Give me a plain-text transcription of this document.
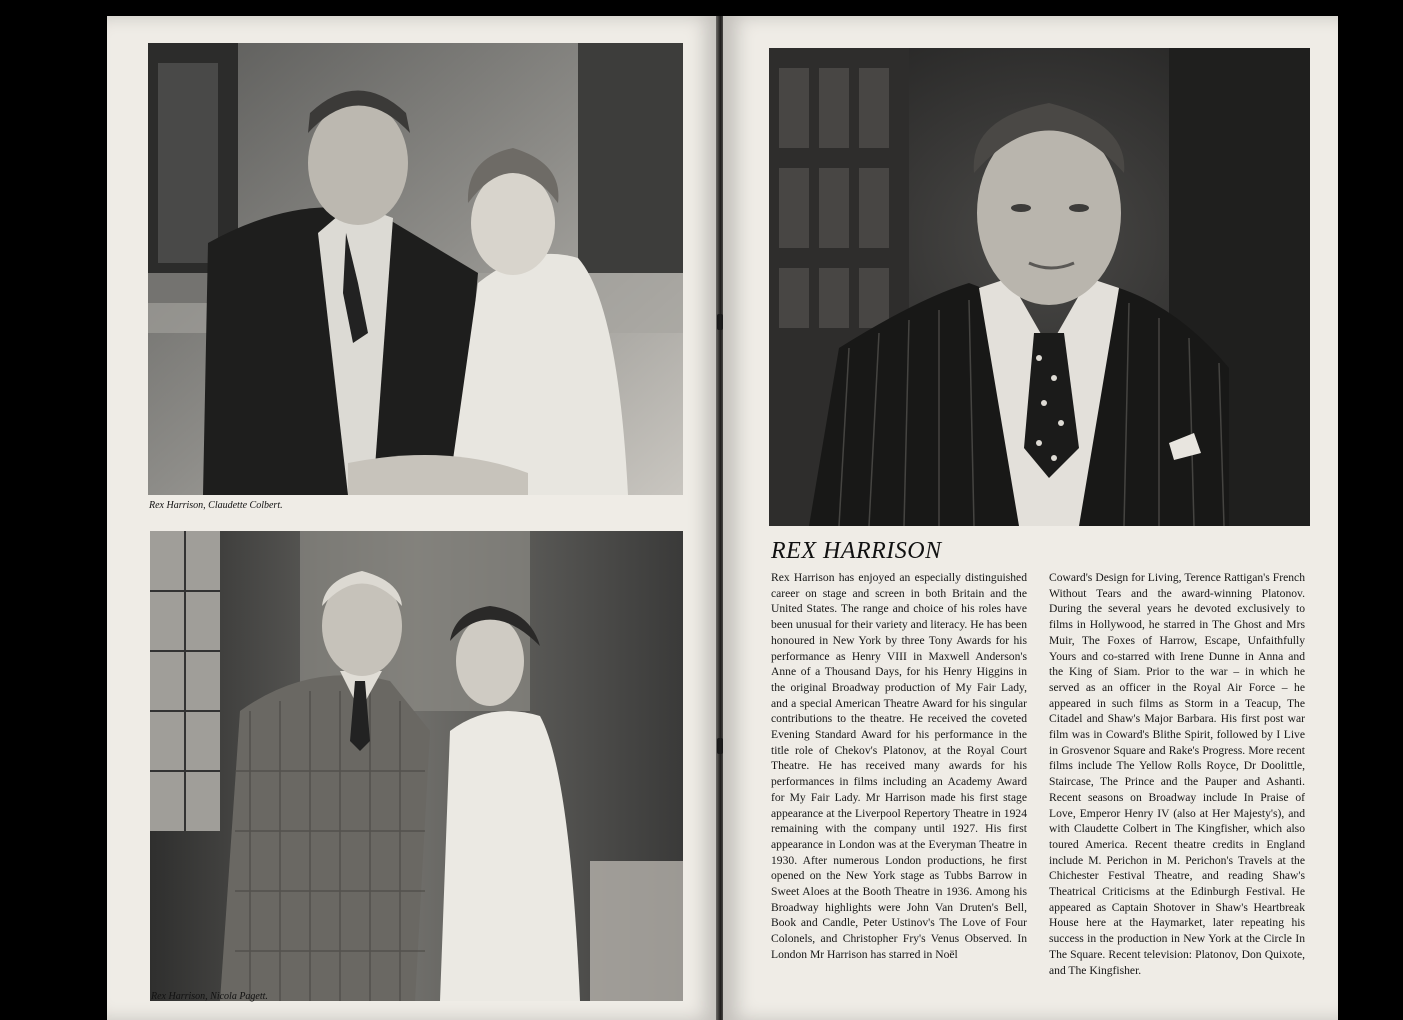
Rex Harrison, Claudette Colbert.
Rex Harrison, Nicola Pagett.
REX HARRISON

Rex Harrison has enjoyed an especially distinguished career on stage and screen in both Britain and the United States. The range and choice of his roles have been unusual for their variety and literacy. He has been honoured in New York by three Tony Awards for his performance as Henry VIII in Maxwell Anderson's Anne of a Thousand Days, for his Henry Higgins in the original Broadway production of My Fair Lady, and a special American Theatre Award for his singular contributions to the theatre. He received the coveted Evening Standard Award for his performance in the title role of Chekov's Platonov, at the Royal Court Theatre. He has received many awards for his performances in films including an Academy Award for My Fair Lady. Mr Harrison made his first stage appearance at the Liverpool Repertory Theatre in 1924 remaining with the company until 1927. His first appearance in London was at the Everyman Theatre in 1930. After numerous London productions, he first opened on the New York stage as Tubbs Barrow in Sweet Aloes at the Booth Theatre in 1936. Among his Broadway highlights were John Van Druten's Bell, Book and Candle, Peter Ustinov's The Love of Four Colonels, and Christopher Fry's Venus Observed. In London Mr Harrison has starred in Noël

Coward's Design for Living, Terence Rattigan's French Without Tears and the award-winning Platonov. During the several years he devoted exclusively to films in Hollywood, he starred in The Ghost and Mrs Muir, The Foxes of Harrow, Escape, Unfaithfully Yours and co-starred with Irene Dunne in Anna and the King of Siam. Prior to the war – in which he served as an officer in the Royal Air Force – he appeared in such films as Storm in a Teacup, The Citadel and Shaw's Major Barbara. His first post war film was in Coward's Blithe Spirit, followed by I Live in Grosvenor Square and Rake's Progress. More recent films include The Yellow Rolls Royce, Dr Doolittle, Staircase, The Prince and the Pauper and Ashanti. Recent seasons on Broadway include In Praise of Love, Emperor Henry IV (also at Her Majesty's), and with Claudette Colbert in The Kingfisher, which also toured America. Recent theatre credits in England include M. Perichon in M. Perichon's Travels at the Chichester Festival Theatre, and reading Shaw's Theatrical Criticisms at the Edinburgh Festival. He appeared as Captain Shotover in Shaw's Heartbreak House here at the Haymarket, later repeating his success in the production in New York at the Circle In The Square. Recent television: Platonov, Don Quixote, and The Kingfisher.
